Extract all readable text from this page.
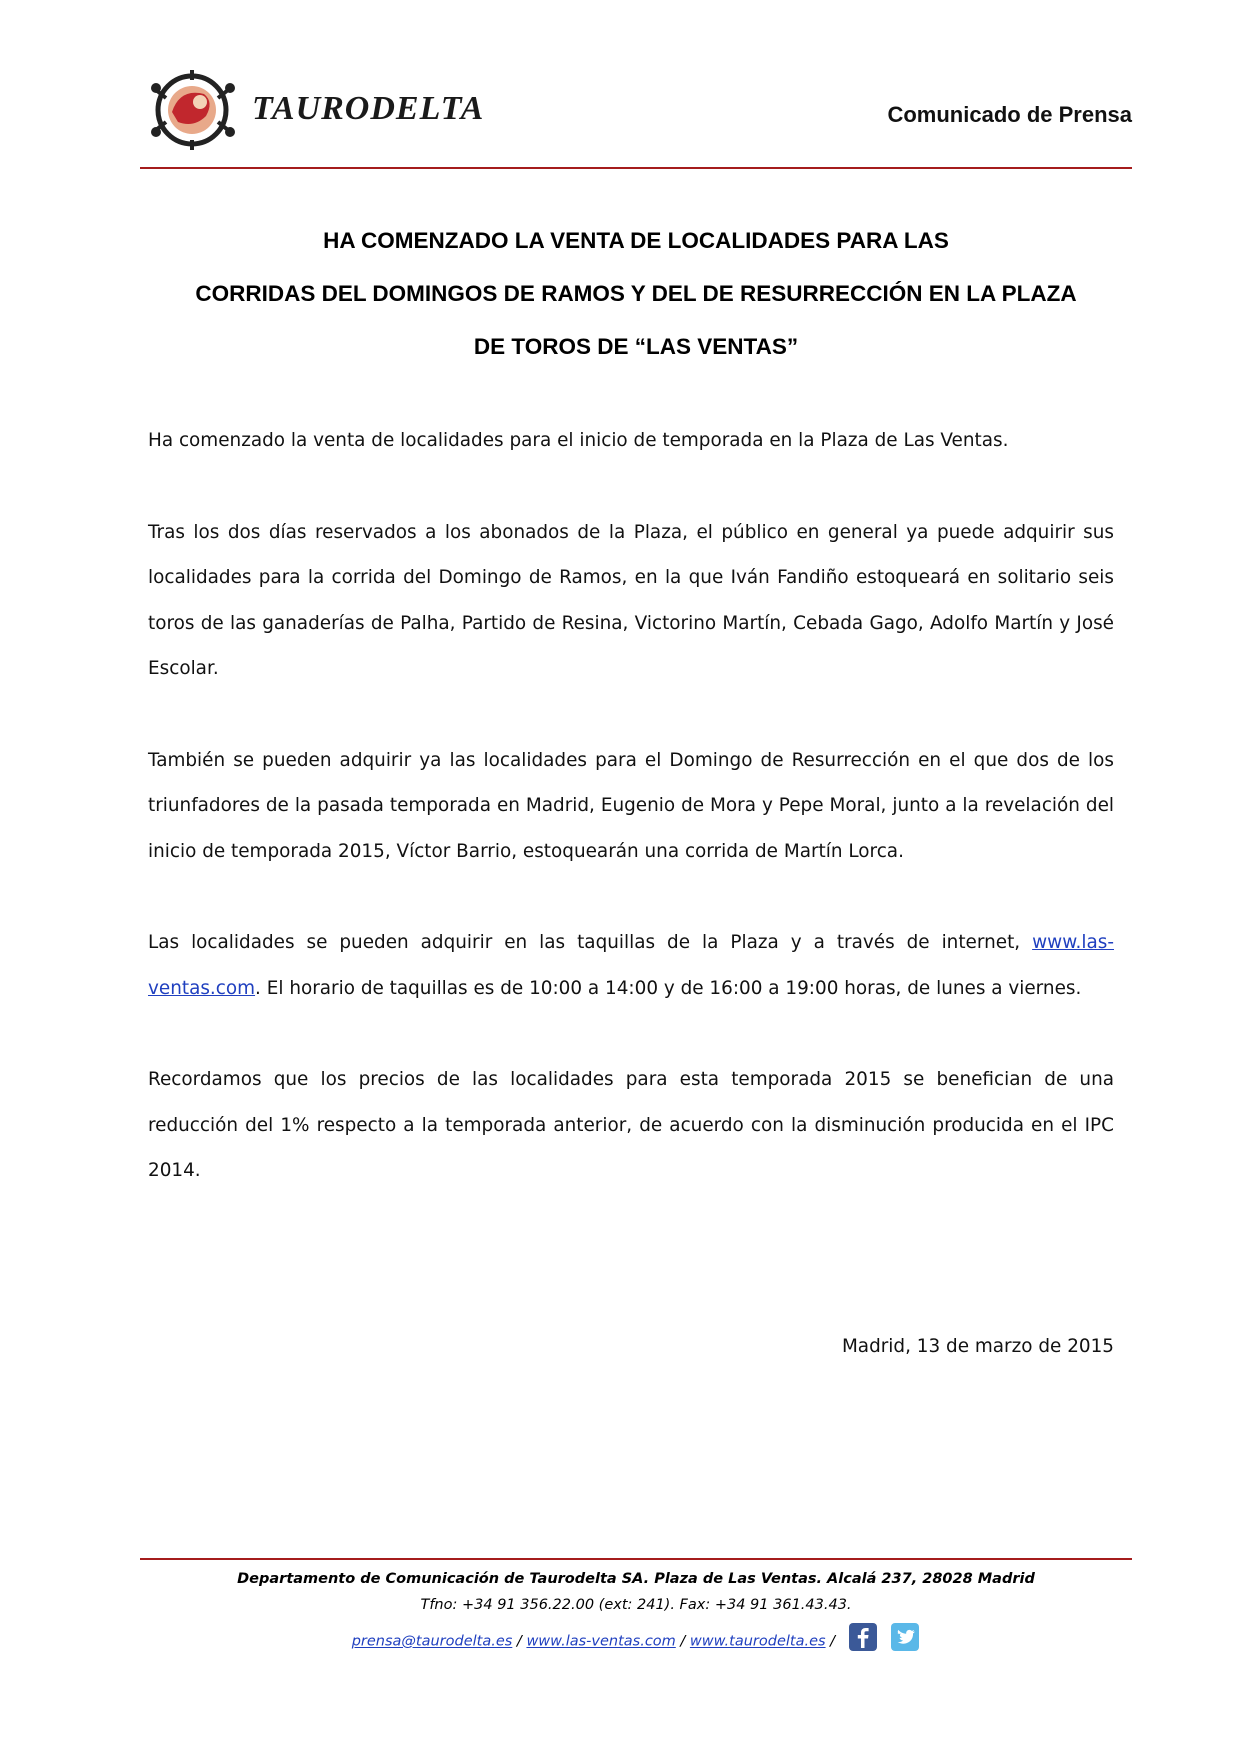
TAURODELTA	Comunicado de Prensa
HA COMENZADO LA VENTA DE LOCALIDADES PARA LAS
CORRIDAS DEL DOMINGOS DE RAMOS Y DEL DE RESURRECCIÓN EN LA PLAZA
DE TOROS DE “LAS VENTAS”

Ha comenzado la venta de localidades para el inicio de temporada en la Plaza de Las Ventas.

Tras los dos días reservados a los abonados de la Plaza, el público en general ya puede adquirir sus localidades para la corrida del Domingo de Ramos, en la que Iván Fandiño estoqueará en solitario seis toros de las ganaderías de Palha, Partido de Resina, Victorino Martín, Cebada Gago, Adolfo Martín y José Escolar.

También se pueden adquirir ya las localidades para el Domingo de Resurrección en el que dos de los triunfadores de la pasada temporada en Madrid, Eugenio de Mora y Pepe Moral, junto a la revelación del inicio de temporada 2015, Víctor Barrio, estoquearán una corrida de Martín Lorca.

Las localidades se pueden adquirir en las taquillas de la Plaza y a través de internet, www.las-ventas.com. El horario de taquillas es de 10:00 a 14:00 y de 16:00 a 19:00 horas, de lunes a viernes.

Recordamos que los precios de las localidades para esta temporada 2015 se benefician de una reducción del 1% respecto a la temporada anterior, de acuerdo con la disminución producida en el IPC 2014.

Madrid, 13 de marzo de 2015
Departamento de Comunicación de Taurodelta SA. Plaza de Las Ventas. Alcalá 237, 28028 Madrid
Tfno: +34 91 356.22.00 (ext: 241). Fax: +34 91 361.43.43.
prensa@taurodelta.es / www.las-ventas.com / www.taurodelta.es /
